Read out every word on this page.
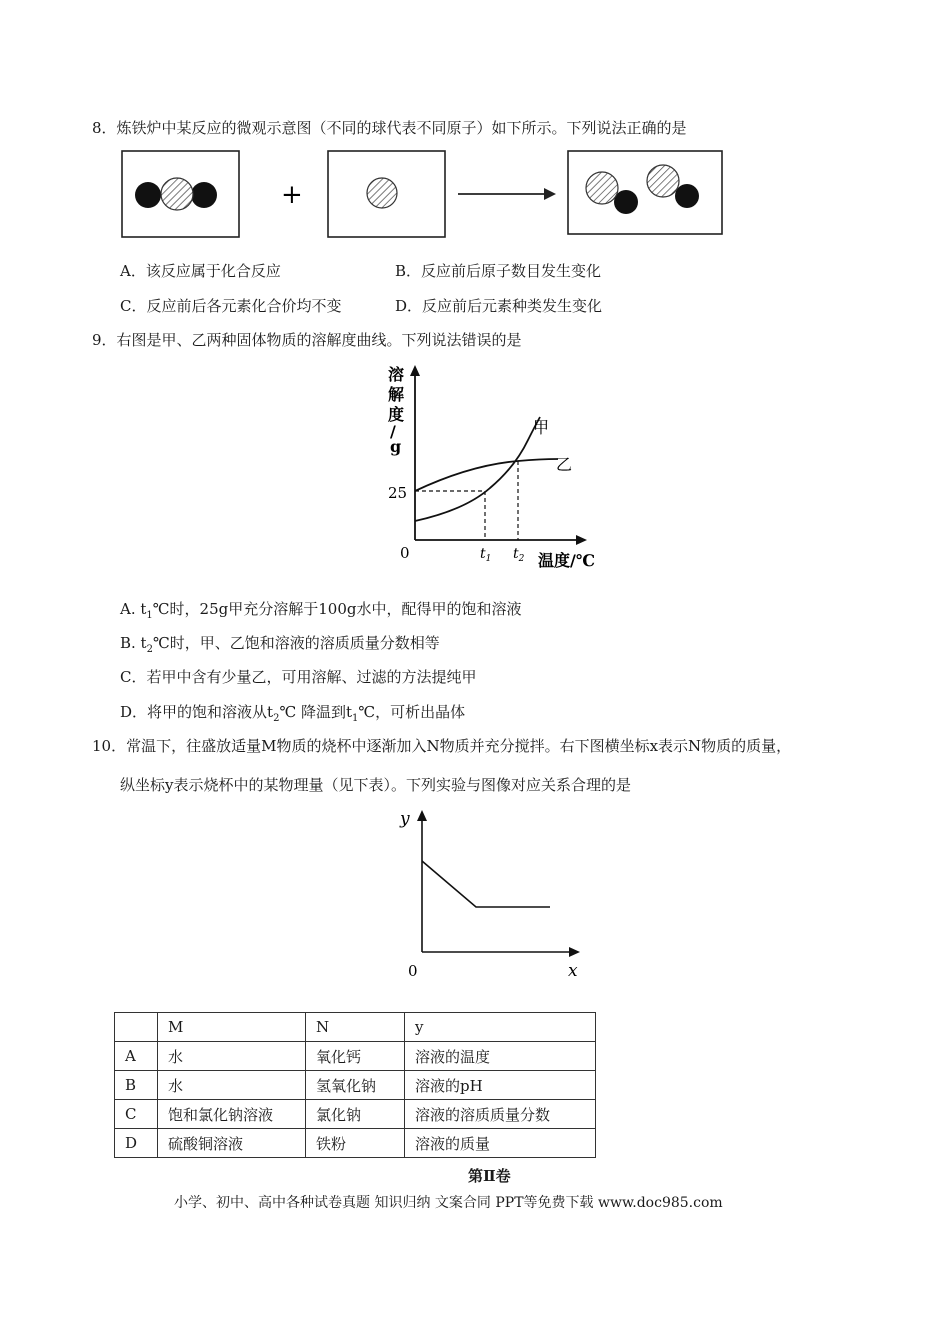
8．炼铁炉中某反应的微观示意图（不同的球代表不同原子）如下所示。下列说法正确的是
+
A．该反应属于化合反应	B．反应前后原子数目发生变化
C．反应前后各元素化合价均不变	D．反应前后元素种类发生变化
9．右图是甲、乙两种固体物质的溶解度曲线。下列说法错误的是
溶
解
度
/
g
0
25
甲
乙
$t_1$ $t_2$ 温度/℃
A. $t_1℃$时，25g甲充分溶解于100g水中，配得甲的饱和溶液
B. $t_2℃$时，甲、乙饱和溶液的溶质质量分数相等
C．若甲中含有少量乙，可用溶解、过滤的方法提纯甲
D．将甲的饱和溶液从$t_2℃$ 降温到$t_1℃$，可析出晶体
10．常温下，往盛放适量M物质的烧杯中逐渐加入N物质并充分搅拌。右下图横坐标x表示N物质的质量，
纵坐标y表示烧杯中的某物理量（见下表）。下列实验与图像对应关系合理的是
y
x
0
	M	N	y
A	水	氧化钙	溶液的温度
B	水	氢氧化钠	溶液的pH
C	饱和氯化钠溶液	氯化钠	溶液的溶质质量分数
D	硫酸铜溶液	铁粉	溶液的质量
第Ⅱ卷
小学、初中、高中各种试卷真题 知识归纳 文案合同 PPT等免费下载 www.doc985.com
